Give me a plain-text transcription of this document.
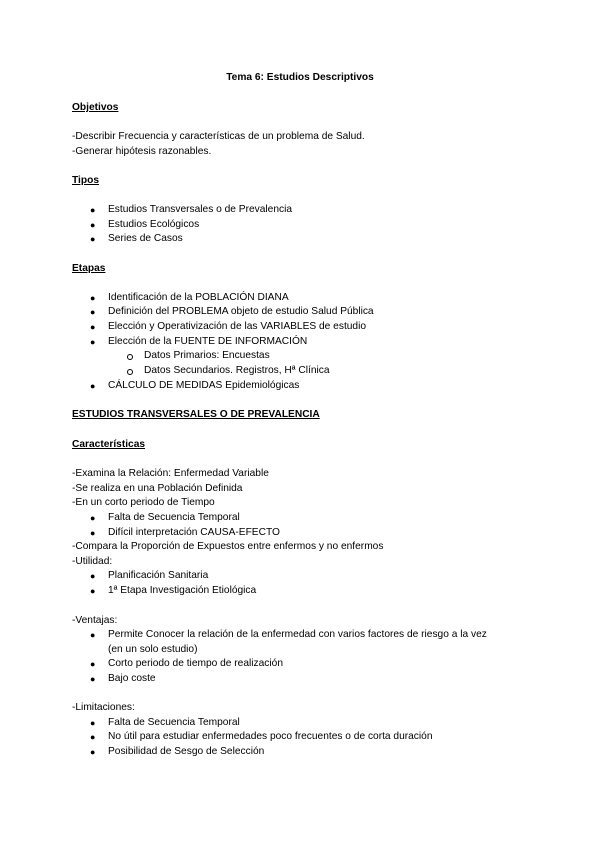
Tema 6: Estudios Descriptivos
Objetivos
-Describir Frecuencia y características de un problema de Salud.
-Generar hipótesis razonables.
Tipos
● Estudios Transversales o de Prevalencia
● Estudios Ecológicos
● Series de Casos
Etapas
● Identificación de la POBLACIÓN DIANA
● Definición del PROBLEMA objeto de estudio Salud Pública
● Elección y Operativización de las VARIABLES de estudio
● Elección de la FUENTE DE INFORMACIÓN
Datos Primarios: Encuestas
Datos Secundarios. Registros, Hª Clínica
● CÁLCULO DE MEDIDAS Epidemiológicas
ESTUDIOS TRANSVERSALES O DE PREVALENCIA
Características
-Examina la Relación: Enfermedad Variable
-Se realiza en una Población Definida
-En un corto periodo de Tiempo
● Falta de Secuencia Temporal
● Difícil interpretación CAUSA-EFECTO
-Compara la Proporción de Expuestos entre enfermos y no enfermos
-Utilidad:
● Planificación Sanitaria
● 1ª Etapa Investigación Etiológica
-Ventajas:
● Permite Conocer la relación de la enfermedad con varios factores de riesgo a la vez
(en un solo estudio)
● Corto periodo de tiempo de realización
● Bajo coste
-Limitaciones:
● Falta de Secuencia Temporal
● No útil para estudiar enfermedades poco frecuentes o de corta duración
● Posibilidad de Sesgo de Selección
